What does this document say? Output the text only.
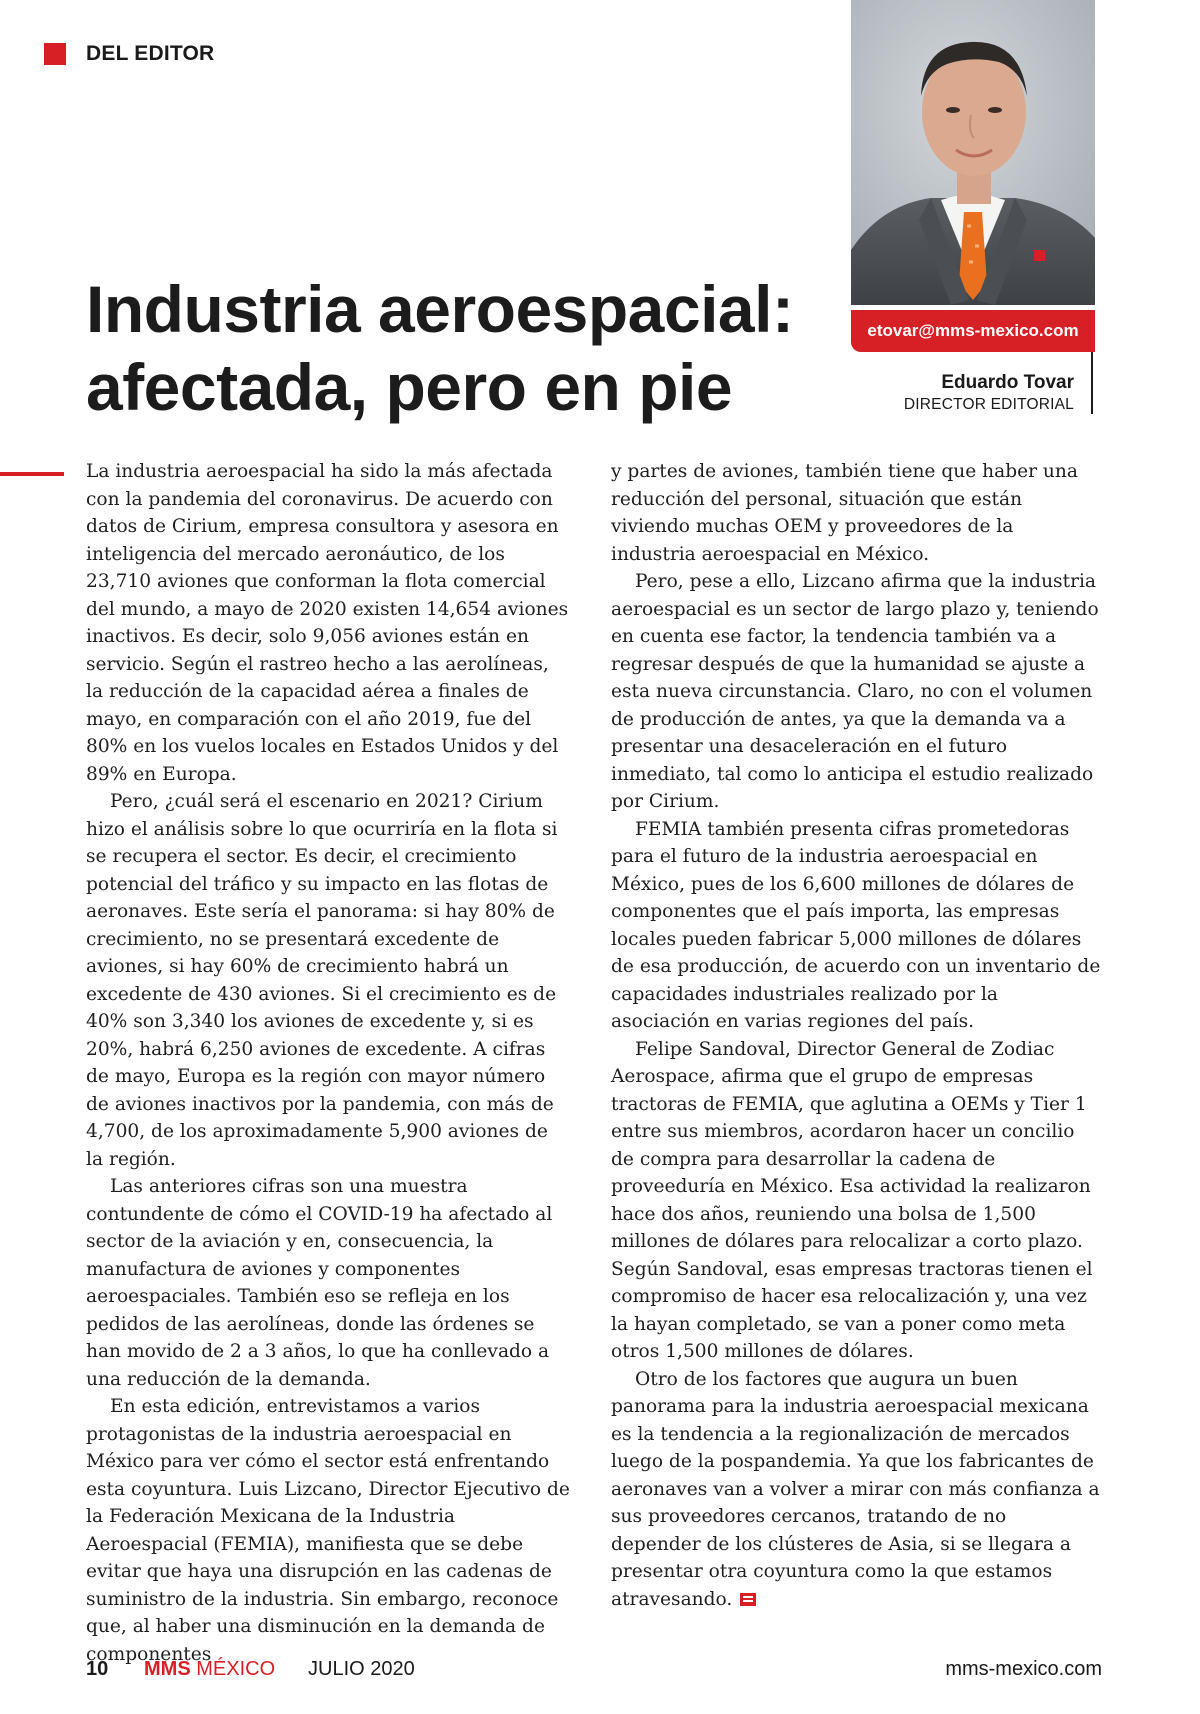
DEL EDITOR
Industria aeroespacial:
afectada, pero en pie
etovar@mms-mexico.com
Eduardo Tovar
DIRECTOR EDITORIAL

La industria aeroespacial ha sido la más afectada con la pandemia del coronavirus. De acuerdo con datos de Cirium, empresa consultora y asesora en inteligencia del mercado aeronáutico, de los 23,710 aviones que conforman la flota comercial del mundo, a mayo de 2020 existen 14,654 aviones inactivos. Es decir, solo 9,056 aviones están en servicio. Según el rastreo hecho a las aerolíneas, la reducción de la capacidad aérea a finales de mayo, en comparación con el año 2019, fue del 80% en los vuelos locales en Estados Unidos y del 89% en Europa.

Pero, ¿cuál será el escenario en 2021? Cirium hizo el análisis sobre lo que ocurriría en la flota si se recupera el sector. Es decir, el crecimiento potencial del tráfico y su impacto en las flotas de aeronaves. Este sería el panorama: si hay 80% de crecimiento, no se presentará excedente de aviones, si hay 60% de crecimiento habrá un excedente de 430 aviones. Si el crecimiento es de 40% son 3,340 los aviones de excedente y, si es 20%, habrá 6,250 aviones de excedente. A cifras de mayo, Europa es la región con mayor número de aviones inactivos por la pandemia, con más de 4,700, de los aproximadamente 5,900 aviones de la región.

Las anteriores cifras son una muestra contundente de cómo el COVID-19 ha afectado al sector de la aviación y en, consecuencia, la manufactura de aviones y componentes aeroespaciales. También eso se refleja en los pedidos de las aerolíneas, donde las órdenes se han movido de 2 a 3 años, lo que ha conllevado a una reducción de la demanda.

En esta edición, entrevistamos a varios protagonistas de la industria aeroespacial en México para ver cómo el sector está enfrentando esta coyuntura. Luis Lizcano, Director Ejecutivo de la Federación Mexicana de la Industria Aeroespacial (FEMIA), manifiesta que se debe evitar que haya una disrupción en las cadenas de suministro de la industria. Sin embargo, reconoce que, al haber una disminución en la demanda de componentes

y partes de aviones, también tiene que haber una reducción del personal, situación que están viviendo muchas OEM y proveedores de la industria aeroespacial en México.

Pero, pese a ello, Lizcano afirma que la industria aeroespacial es un sector de largo plazo y, teniendo en cuenta ese factor, la tendencia también va a regresar después de que la humanidad se ajuste a esta nueva circunstancia. Claro, no con el volumen de producción de antes, ya que la demanda va a presentar una desaceleración en el futuro inmediato, tal como lo anticipa el estudio realizado por Cirium.

FEMIA también presenta cifras prometedoras para el futuro de la industria aeroespacial en México, pues de los 6,600 millones de dólares de componentes que el país importa, las empresas locales pueden fabricar 5,000 millones de dólares de esa producción, de acuerdo con un inventario de capacidades industriales realizado por la asociación en varias regiones del país.

Felipe Sandoval, Director General de Zodiac Aerospace, afirma que el grupo de empresas tractoras de FEMIA, que aglutina a OEMs y Tier 1 entre sus miembros, acordaron hacer un concilio de compra para desarrollar la cadena de proveeduría en México. Esa actividad la realizaron hace dos años, reuniendo una bolsa de 1,500 millones de dólares para relocalizar a corto plazo. Según Sandoval, esas empresas tractoras tienen el compromiso de hacer esa relocalización y, una vez la hayan completado, se van a poner como meta otros 1,500 millones de dólares.

Otro de los factores que augura un buen panorama para la industria aeroespacial mexicana es la tendencia a la regionalización de mercados luego de la pospandemia. Ya que los fabricantes de aeronaves van a volver a mirar con más confianza a sus proveedores cercanos, tratando de no depender de los clústeres de Asia, si se llegara a presentar otra coyuntura como la que estamos atravesando.

10 MMS MÉXICO JULIO 2020	mms-mexico.com
